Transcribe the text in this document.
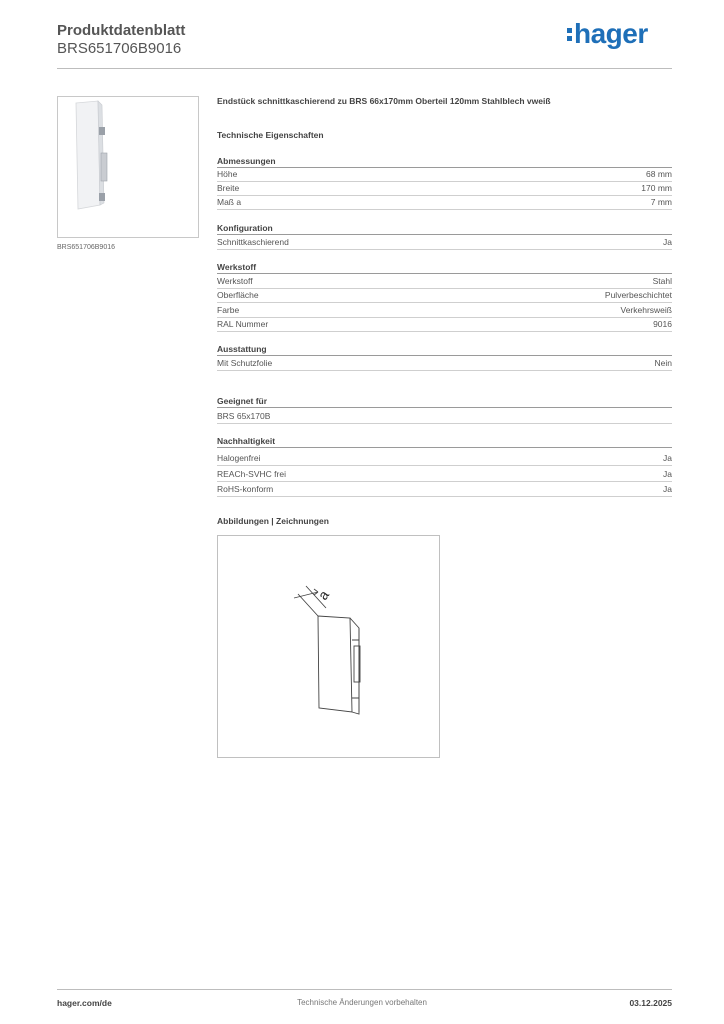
Produktdatenblatt
BRS651706B9016	hager
BRS651706B9016
Endstück schnittkaschierend zu BRS 66x170mm Oberteil 120mm Stahlblech vweiß
Technische Eigenschaften
Abmessungen
Höhe	68 mm
Breite	170 mm
Maß a	7 mm
Konfiguration
Schnittkaschierend	Ja
Werkstoff
Werkstoff	Stahl
Oberfläche	Pulverbeschichtet
Farbe	Verkehrsweiß
RAL Nummer	9016
Ausstattung
Mit Schutzfolie	Nein
Geeignet für
BRS 65x170B
Nachhaltigkeit
Halogenfrei	Ja
REACh-SVHC frei	Ja
RoHS-konform	Ja
Abbildungen | Zeichnungen
a
hager.com/de	Technische Änderungen vorbehalten	03.12.2025
